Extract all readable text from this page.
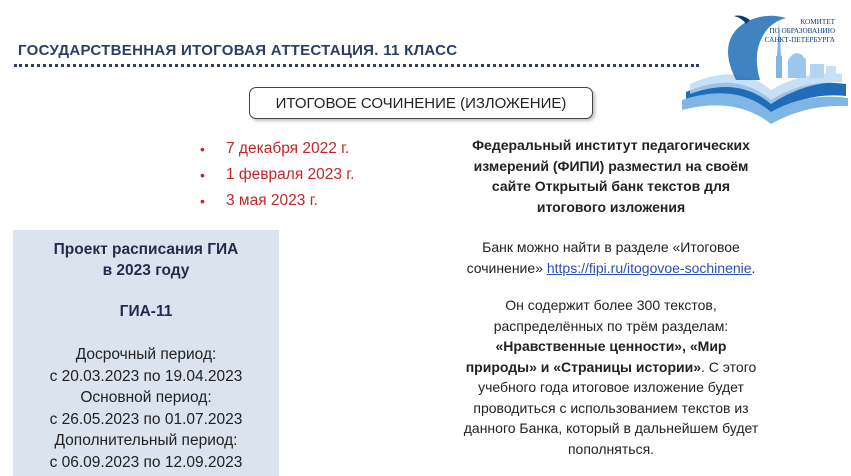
ГОСУДАРСТВЕННАЯ ИТОГОВАЯ АТТЕСТАЦИЯ. 11 КЛАСС
КОМИТЕТ
ПО ОБРАЗОВАНИЮ
САНКТ-ПЕТЕРБУРГА
ИТОГОВОЕ СОЧИНЕНИЕ (ИЗЛОЖЕНИЕ)
• 7 декабря 2022 г.
• 1 февраля 2023 г.
• 3 мая 2023 г.
Проект расписания ГИА
в 2023 году
ГИА-11
Досрочный период:
с 20.03.2023 по 19.04.2023
Основной период:
с 26.05.2023 по 01.07.2023
Дополнительный период:
с 06.09.2023 по 12.09.2023
Федеральный институт педагогических
измерений (ФИПИ) разместил на своём
сайте Открытый банк текстов для
итогового изложения
Банк можно найти в разделе «Итоговое
сочинение» https://fipi.ru/itogovoe-sochinenie.
Он содержит более 300 текстов,
распределённых по трём разделам:
«Нравственные ценности», «Мир
природы» и «Страницы истории». С этого
учебного года итоговое изложение будет
проводиться с использованием текстов из
данного Банка, который в дальнейшем будет
пополняться.
